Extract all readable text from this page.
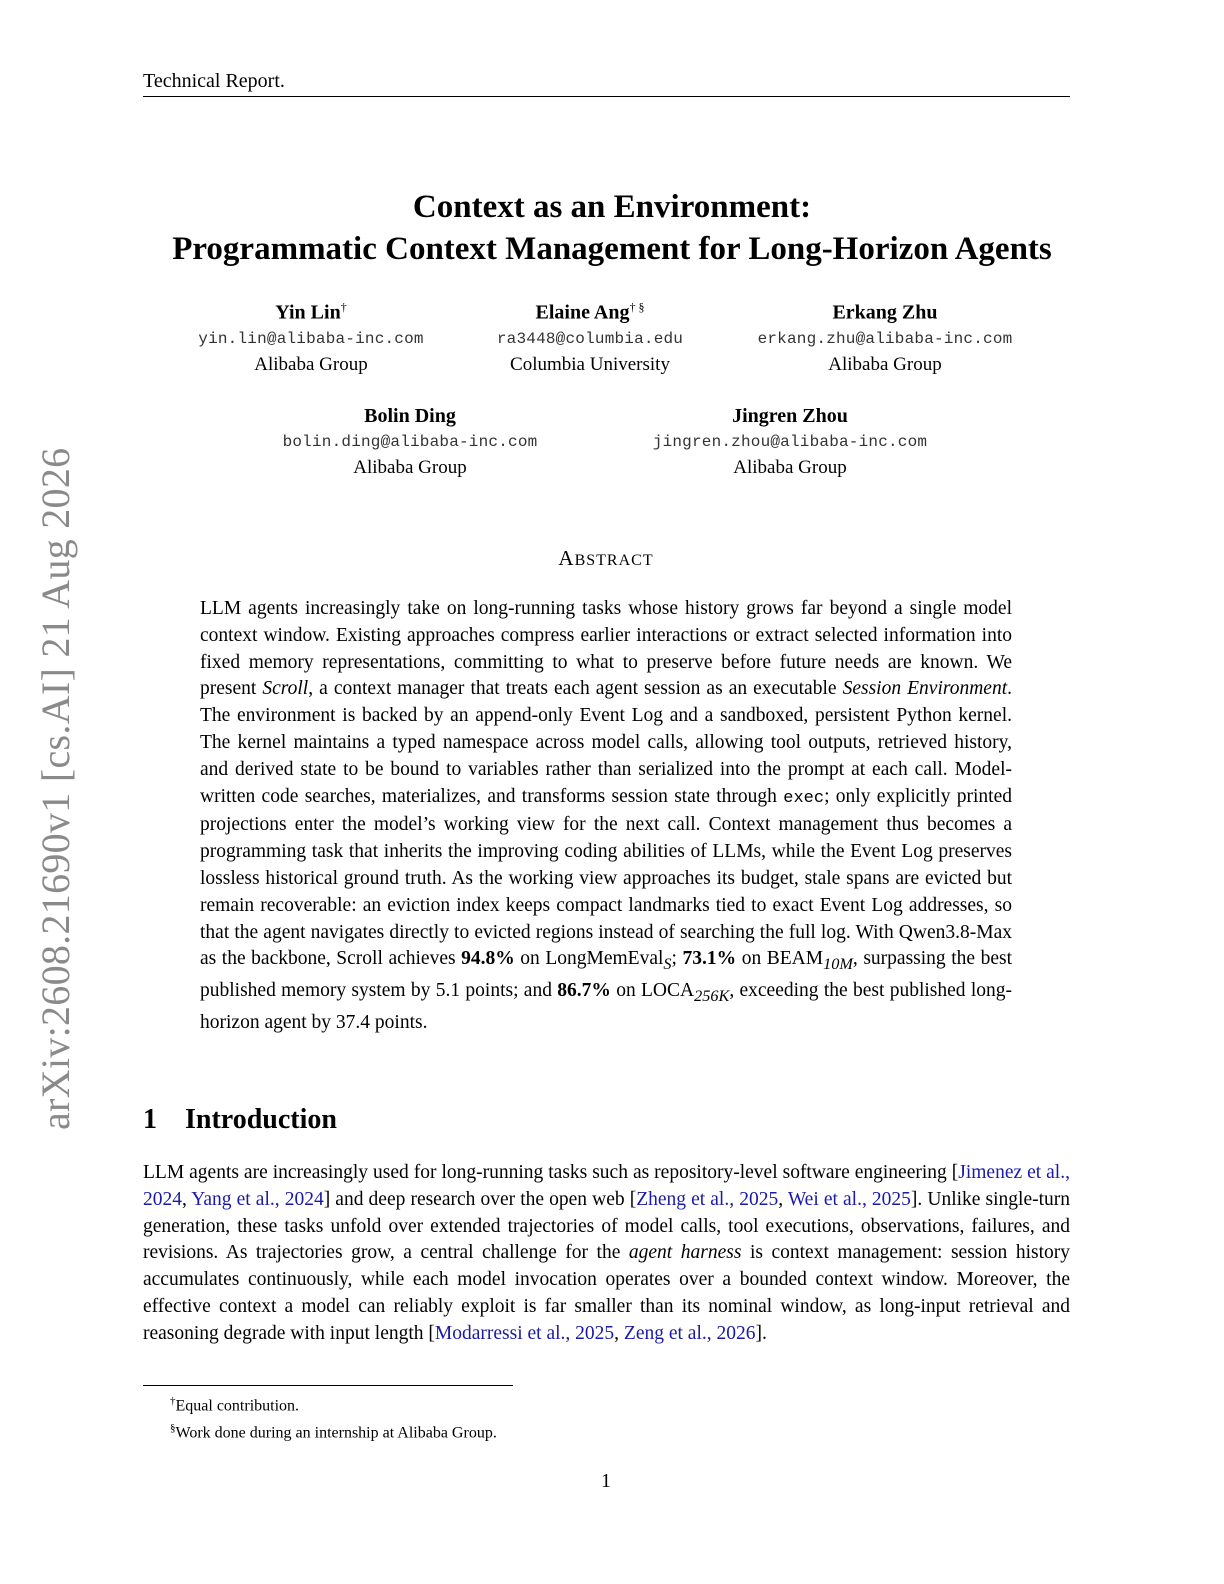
Technical Report.
arXiv:2608.21690v1 [cs.AI] 21 Aug 2026
Context as an Environment:
Programmatic Context Management for Long-Horizon Agents
Yin Lin†
yin.lin@alibaba-inc.com
Alibaba Group
Elaine Ang† §
ra3448@columbia.edu
Columbia University
Erkang Zhu
erkang.zhu@alibaba-inc.com
Alibaba Group
Bolin Ding
bolin.ding@alibaba-inc.com
Alibaba Group
Jingren Zhou
jingren.zhou@alibaba-inc.com
Alibaba Group
ABSTRACT
LLM agents increasingly take on long-running tasks whose history grows far beyond a single model context window. Existing approaches compress earlier interactions or extract selected information into fixed memory representations, committing to what to preserve before future needs are known. We present Scroll, a context manager that treats each agent session as an executable Session Environment. The environment is backed by an append-only Event Log and a sandboxed, persistent Python kernel. The kernel maintains a typed namespace across model calls, allowing tool outputs, retrieved history, and derived state to be bound to variables rather than serialized into the prompt at each call. Model-written code searches, materializes, and transforms session state through exec; only explicitly printed projections enter the model’s working view for the next call. Context management thus becomes a programming task that inherits the improving coding abilities of LLMs, while the Event Log preserves lossless historical ground truth. As the working view approaches its budget, stale spans are evicted but remain recoverable: an eviction index keeps compact landmarks tied to exact Event Log addresses, so that the agent navigates directly to evicted regions instead of searching the full log. With Qwen3.8-Max as the backbone, Scroll achieves 94.8% on LongMemEval$_S$; 73.1% on $BEAM_{10M}$, surpassing the best published memory system by 5.1 points; and 86.7% on $LOCA_{256K}$, exceeding the best published long-horizon agent by 37.4 points.
1 Introduction
LLM agents are increasingly used for long-running tasks such as repository-level software engineering [Jimenez et al., 2024, Yang et al., 2024] and deep research over the open web [Zheng et al., 2025, Wei et al., 2025]. Unlike single-turn generation, these tasks unfold over extended trajectories of model calls, tool executions, observations, failures, and revisions. As trajectories grow, a central challenge for the agent harness is context management: session history accumulates continuously, while each model invocation operates over a bounded context window. Moreover, the effective context a model can reliably exploit is far smaller than its nominal window, as long-input retrieval and reasoning degrade with input length [Modarressi et al., 2025, Zeng et al., 2026].
†Equal contribution.
§Work done during an internship at Alibaba Group.
1
